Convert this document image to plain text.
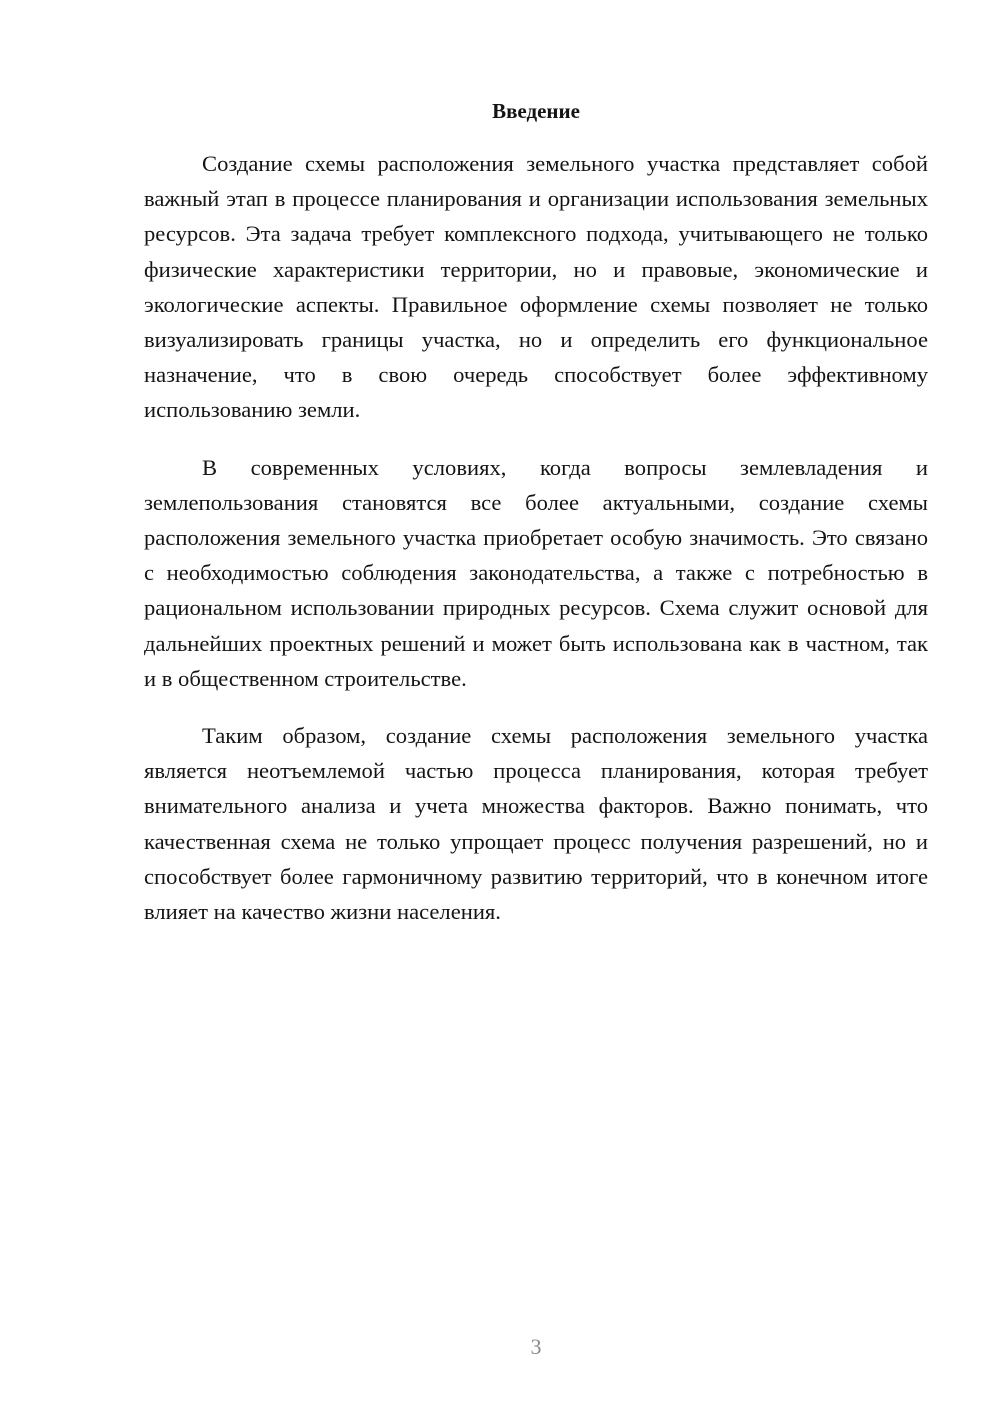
Введение

Создание схемы расположения земельного участка представляет собой важный этап в процессе планирования и организации использования земельных ресурсов. Эта задача требует комплексного подхода, учитывающего не только физические характеристики территории, но и правовые, экономические и экологические аспекты. Правильное оформление схемы позволяет не только визуализировать границы участка, но и определить его функциональное назначение, что в свою очередь способствует более эффективному использованию земли.

В современных условиях, когда вопросы землевладения и землепользования становятся все более актуальными, создание схемы расположения земельного участка приобретает особую значимость. Это связано с необходимостью соблюдения законодательства, а также с потребностью в рациональном использовании природных ресурсов. Схема служит основой для дальнейших проектных решений и может быть использована как в частном, так и в общественном строительстве.

Таким образом, создание схемы расположения земельного участка является неотъемлемой частью процесса планирования, которая требует внимательного анализа и учета множества факторов. Важно понимать, что качественная схема не только упрощает процесс получения разрешений, но и способствует более гармоничному развитию территорий, что в конечном итоге влияет на качество жизни населения.

3
